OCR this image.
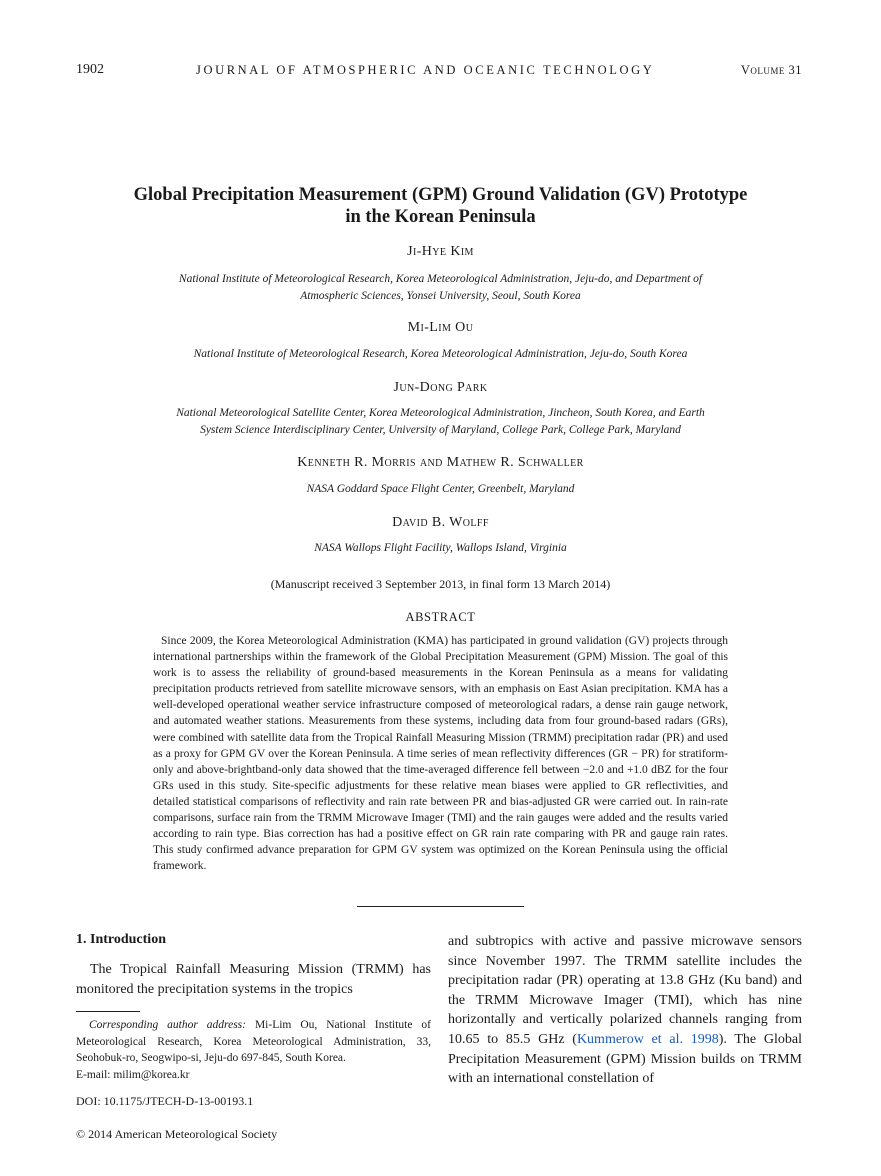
1902	JOURNAL OF ATMOSPHERIC AND OCEANIC TECHNOLOGY	Volume 31
Global Precipitation Measurement (GPM) Ground Validation (GV) Prototype
in the Korean Peninsula
Ji-Hye Kim
National Institute of Meteorological Research, Korea Meteorological Administration, Jeju-do, and Department of
Atmospheric Sciences, Yonsei University, Seoul, South Korea
Mi-Lim Ou
National Institute of Meteorological Research, Korea Meteorological Administration, Jeju-do, South Korea
Jun-Dong Park
National Meteorological Satellite Center, Korea Meteorological Administration, Jincheon, South Korea, and Earth
System Science Interdisciplinary Center, University of Maryland, College Park, College Park, Maryland
Kenneth R. Morris and Mathew R. Schwaller
NASA Goddard Space Flight Center, Greenbelt, Maryland
David B. Wolff
NASA Wallops Flight Facility, Wallops Island, Virginia
(Manuscript received 3 September 2013, in final form 13 March 2014)
ABSTRACT
Since 2009, the Korea Meteorological Administration (KMA) has participated in ground validation (GV) projects through international partnerships within the framework of the Global Precipitation Measurement (GPM) Mission. The goal of this work is to assess the reliability of ground-based measurements in the Korean Peninsula as a means for validating precipitation products retrieved from satellite microwave sensors, with an emphasis on East Asian precipitation. KMA has a well-developed operational weather service infrastructure composed of meteorological radars, a dense rain gauge network, and automated weather stations. Measurements from these systems, including data from four ground-based radars (GRs), were combined with satellite data from the Tropical Rainfall Measuring Mission (TRMM) precipitation radar (PR) and used as a proxy for GPM GV over the Korean Peninsula. A time series of mean reflectivity differences (GR − PR) for stratiform-only and above-brightband-only data showed that the time-averaged difference fell between −2.0 and +1.0 dBZ for the four GRs used in this study. Site-specific adjustments for these relative mean biases were applied to GR reflectivities, and detailed statistical comparisons of reflectivity and rain rate between PR and bias-adjusted GR were carried out. In rain-rate comparisons, surface rain from the TRMM Microwave Imager (TMI) and the rain gauges were added and the results varied according to rain type. Bias correction has had a positive effect on GR rain rate comparing with PR and gauge rain rates. This study confirmed advance preparation for GPM GV system was optimized on the Korean Peninsula using the official framework.
1. Introduction
The Tropical Rainfall Measuring Mission (TRMM) has monitored the precipitation systems in the tropics
and subtropics with active and passive microwave sensors since November 1997. The TRMM satellite includes the precipitation radar (PR) operating at 13.8 GHz (Ku band) and the TRMM Microwave Imager (TMI), which has nine horizontally and vertically polarized channels ranging from 10.65 to 85.5 GHz (Kummerow et al. 1998). The Global Precipitation Measurement (GPM) Mission builds on TRMM with an international constellation of
Corresponding author address: Mi-Lim Ou, National Institute of Meteorological Research, Korea Meteorological Administration, 33, Seohobuk-ro, Seogwipo-si, Jeju-do 697-845, South Korea.
E-mail: milim@korea.kr
DOI: 10.1175/JTECH-D-13-00193.1
© 2014 American Meteorological Society
